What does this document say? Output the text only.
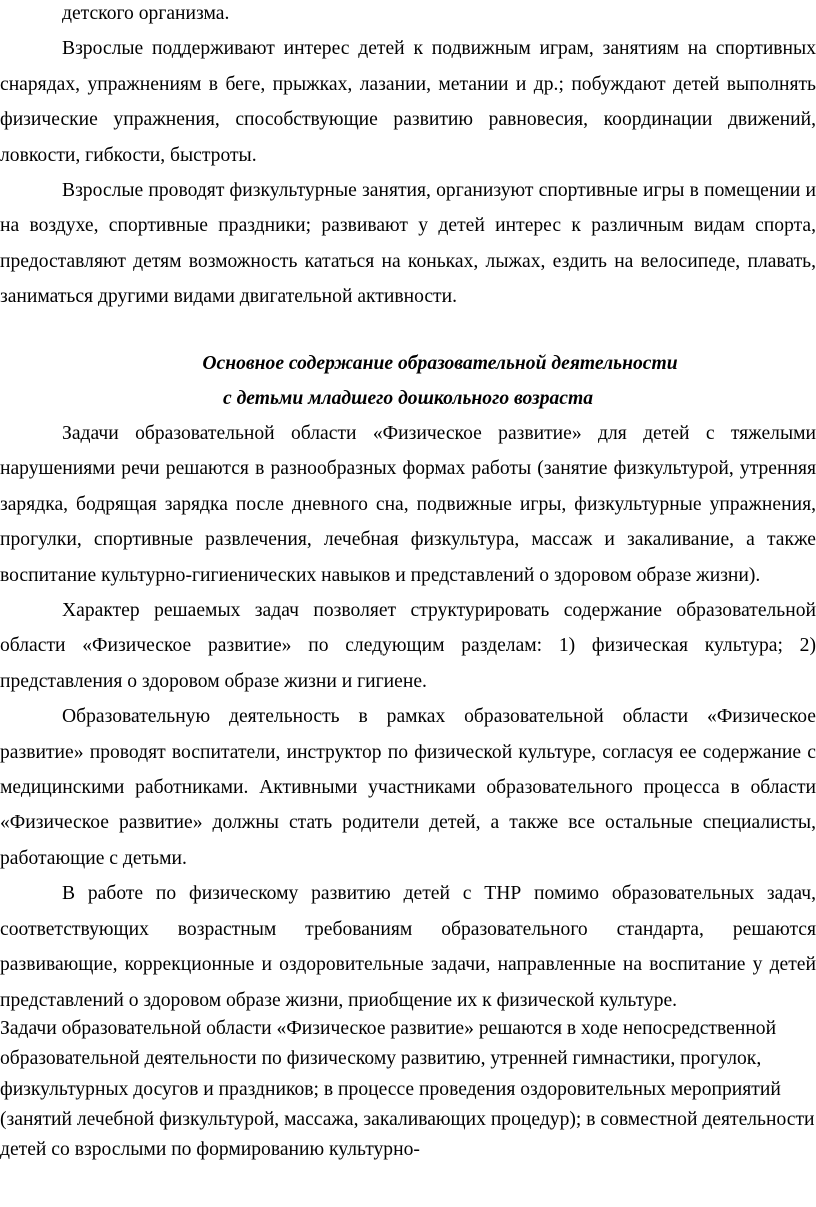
детского организма.

Взрослые поддерживают интерес детей к подвижным играм, занятиям на спортивных снарядах, упражнениям в беге, прыжках, лазании, метании и др.; побуждают детей выполнять физические упражнения, способствующие развитию равновесия, координации движений, ловкости, гибкости, быстроты.

Взрослые проводят физкультурные занятия, организуют спортивные игры в помещении и на воздухе, спортивные праздники; развивают у детей интерес к различным видам спорта, предоставляют детям возможность кататься на коньках, лыжах, ездить на велосипеде, плавать, заниматься другими видами двигательной активности.

Основное содержание образовательной деятельности
с детьми младшего дошкольного возраста

Задачи образовательной области «Физическое развитие» для детей с тяжелыми нарушениями речи решаются в разнообразных формах работы (занятие физкультурой, утренняя зарядка, бодрящая зарядка после дневного сна, подвижные игры, физкультурные упражнения, прогулки, спортивные развлечения, лечебная физкультура, массаж и закаливание, а также воспитание культурно-гигиенических навыков и представлений о здоровом образе жизни).

Характер решаемых задач позволяет структурировать содержание образовательной области «Физическое развитие» по следующим разделам: 1) физическая культура; 2) представления о здоровом образе жизни и гигиене.

Образовательную деятельность в рамках образовательной области «Физическое развитие» проводят воспитатели, инструктор по физической культуре, согласуя ее содержание с медицинскими работниками. Активными участниками образовательного процесса в области «Физическое развитие» должны стать родители детей, а также все остальные специалисты, работающие с детьми.

В работе по физическому развитию детей с ТНР помимо образовательных задач, соответствующих возрастным требованиям образовательного стандарта, решаются развивающие, коррекционные и оздоровительные задачи, направленные на воспитание у детей представлений о здоровом образе жизни, приобщение их к физической культуре.

Задачи образовательной области «Физическое развитие» решаются в ходе непосредственной образовательной деятельности по физическому развитию, утренней гимнастики, прогулок, физкультурных досугов и праздников; в процессе проведения оздоровительных мероприятий (занятий лечебной физкультурой, массажа, закаливающих процедур); в совместной деятельности детей со взрослыми по формированию культурно-
